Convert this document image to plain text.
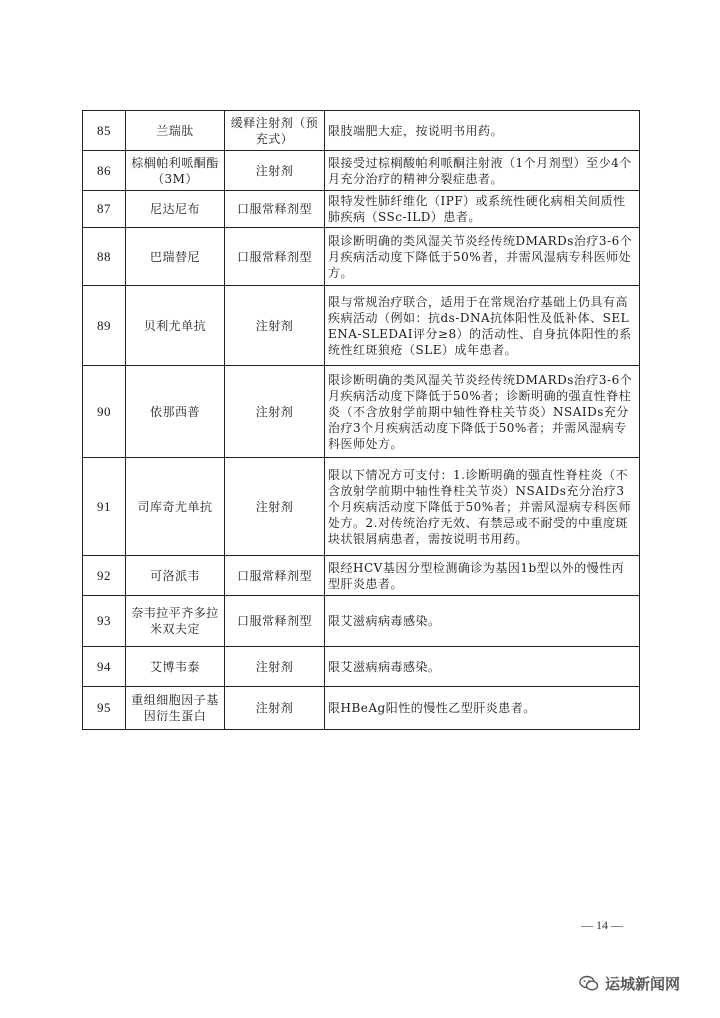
85	兰瑞肽	缓释注射剂（预充式）	限肢端肥大症，按说明书用药。
86	棕榈帕利哌酮酯（3M）	注射剂	限接受过棕榈酸帕利哌酮注射液（1个月剂型）至少4个月充分治疗的精神分裂症患者。
87	尼达尼布	口服常释剂型	限特发性肺纤维化（IPF）或系统性硬化病相关间质性肺疾病（SSc-ILD）患者。
88	巴瑞替尼	口服常释剂型	限诊断明确的类风湿关节炎经传统DMARDs治疗3-6个月疾病活动度下降低于50%者，并需风湿病专科医师处方。
89	贝利尤单抗	注射剂	限与常规治疗联合，适用于在常规治疗基础上仍具有高疾病活动（例如：抗ds-DNA抗体阳性及低补体、SELENA-SLEDAI评分≥8）的活动性、自身抗体阳性的系统性红斑狼疮（SLE）成年患者。
90	依那西普	注射剂	限诊断明确的类风湿关节炎经传统DMARDs治疗3-6个月疾病活动度下降低于50%者；诊断明确的强直性脊柱炎（不含放射学前期中轴性脊柱关节炎）NSAIDs充分治疗3个月疾病活动度下降低于50%者；并需风湿病专科医师处方。
91	司库奇尤单抗	注射剂	限以下情况方可支付：1.诊断明确的强直性脊柱炎（不含放射学前期中轴性脊柱关节炎）NSAIDs充分治疗3个月疾病活动度下降低于50%者；并需风湿病专科医师处方。2.对传统治疗无效、有禁忌或不耐受的中重度斑块状银屑病患者，需按说明书用药。
92	可洛派韦	口服常释剂型	限经HCV基因分型检测确诊为基因1b型以外的慢性丙型肝炎患者。
93	奈韦拉平齐多拉米双夫定	口服常释剂型	限艾滋病病毒感染。
94	艾博韦泰	注射剂	限艾滋病病毒感染。
95	重组细胞因子基因衍生蛋白	注射剂	限HBeAg阳性的慢性乙型肝炎患者。
— 14 —
运城新闻网
